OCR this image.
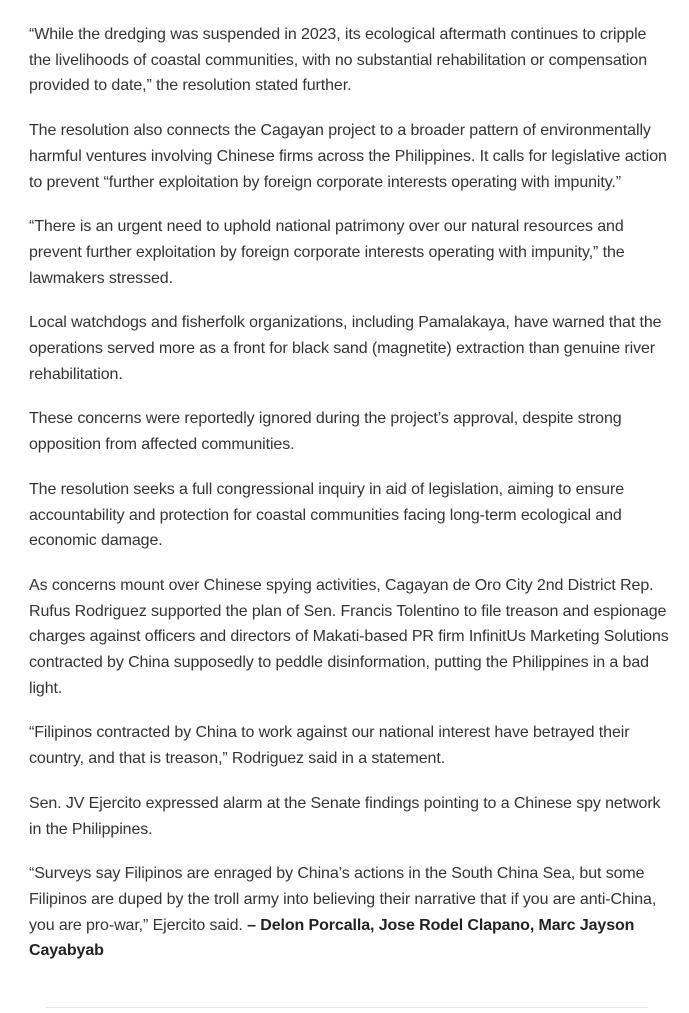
“While the dredging was suspended in 2023, its ecological aftermath continues to cripple the livelihoods of coastal communities, with no substantial rehabilitation or compensation provided to date,” the resolution stated further.

The resolution also connects the Cagayan project to a broader pattern of environmentally harmful ventures involving Chinese firms across the Philippines. It calls for legislative action to prevent “further exploitation by foreign corporate interests operating with impunity.”

“There is an urgent need to uphold national patrimony over our natural resources and prevent further exploitation by foreign corporate interests operating with impunity,” the lawmakers stressed.

Local watchdogs and fisherfolk organizations, including Pamalakaya, have warned that the operations served more as a front for black sand (magnetite) extraction than genuine river rehabilitation.

These concerns were reportedly ignored during the project’s approval, despite strong opposition from affected communities.

The resolution seeks a full congressional inquiry in aid of legislation, aiming to ensure accountability and protection for coastal communities facing long-term ecological and economic damage.

As concerns mount over Chinese spying activities, Cagayan de Oro City 2nd District Rep. Rufus Rodriguez supported the plan of Sen. Francis Tolentino to file treason and espionage charges against officers and directors of Makati-based PR firm InfinitUs Marketing Solutions contracted by China supposedly to peddle disinformation, putting the Philippines in a bad light.

“Filipinos contracted by China to work against our national interest have betrayed their country, and that is treason,” Rodriguez said in a statement.

Sen. JV Ejercito expressed alarm at the Senate findings pointing to a Chinese spy network in the Philippines.

“Surveys say Filipinos are enraged by China’s actions in the South China Sea, but some Filipinos are duped by the troll army into believing their narrative that if you are anti-China, you are pro-war,” Ejercito said. – Delon Porcalla, Jose Rodel Clapano, Marc Jayson Cayabyab
